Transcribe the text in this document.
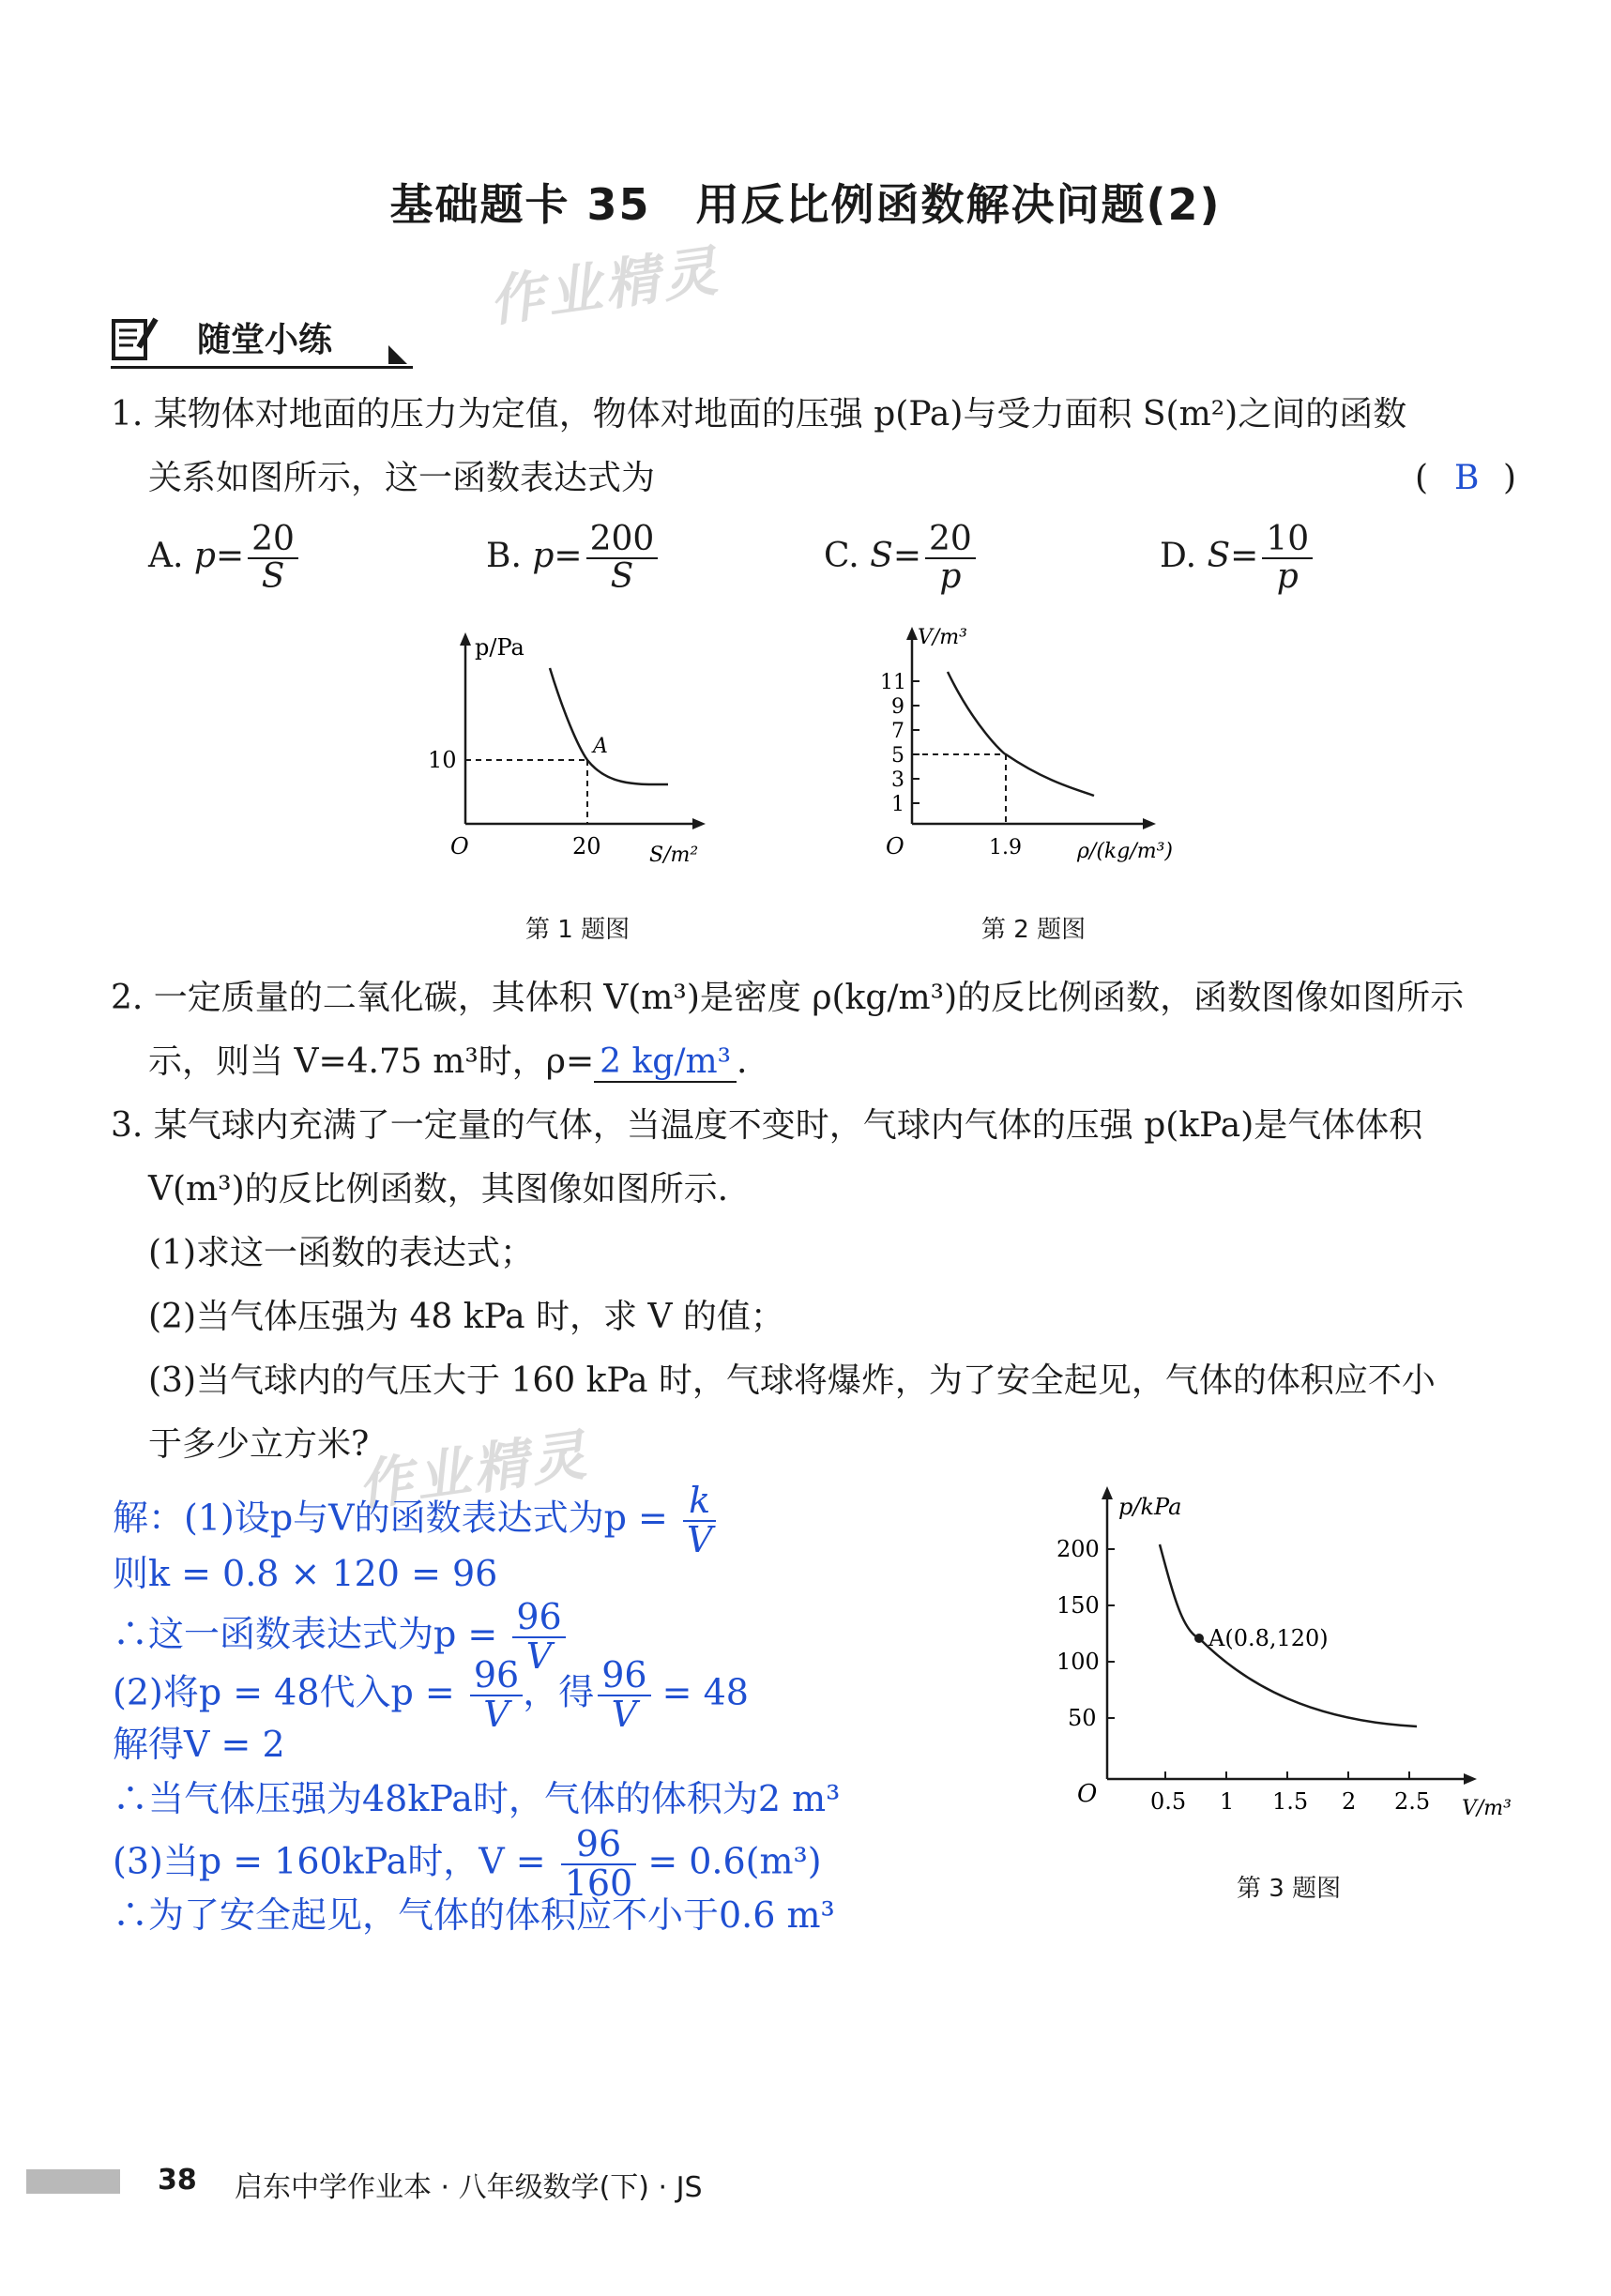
基础题卡 35　用反比例函数解决问题(2)
作业精灵
随堂小练
1. 某物体对地面的压力为定值，物体对地面的压强 p(Pa)与受力面积 S(m²)之间的函数
关系如图所示，这一函数表达式为	( B )
A. $p= \frac{20}{S}$	B. $p= \frac{200}{S}$	C. $S= \frac{20}{p}$	D. $S= \frac{10}{p}$
p/Pa
S/m²
O
10
20
A
第 1 题图
V/m³
ρ/(kg/m³)
O
11
9
7
5
3
1
1.9
第 2 题图
2. 一定质量的二氧化碳，其体积 V(m³)是密度 ρ(kg/m³)的反比例函数，函数图像如图所示
示，则当 V=4.75 m³时，ρ= 2 kg/m³ .
3. 某气球内充满了一定量的气体，当温度不变时，气球内气体的压强 p(kPa)是气体体积
V(m³)的反比例函数，其图像如图所示.
(1)求这一函数的表达式；
(2)当气体压强为 48 kPa 时，求 V 的值；
(3)当气球内的气压大于 160 kPa 时，气球将爆炸，为了安全起见，气体的体积应不小
于多少立方米?
作业精灵
解：(1)设p与V的函数表达式为$p = \frac{k}{V}$
则k = 0.8 × 120 = 96
∴这一函数表达式为$p = \frac{96}{V}$
(2)将p = 48代入$p = \frac{96}{V}$ ，得 $\frac{96}{V} = 48$
解得V = 2
∴当气体压强为48kPa时，气体的体积为2 m³
(3)当p = 160kPa时，$V = \frac{96}{160} = 0.6(m^3)$
∴为了安全起见，气体的体积应不小于0.6 m³
p/kPa
V/m³
O
200
150
100
50
0.5 1 1.5 2 2.5
A(0.8,120)
第 3 题图
38 启东中学作业本 · 八年级数学(下) · JS
